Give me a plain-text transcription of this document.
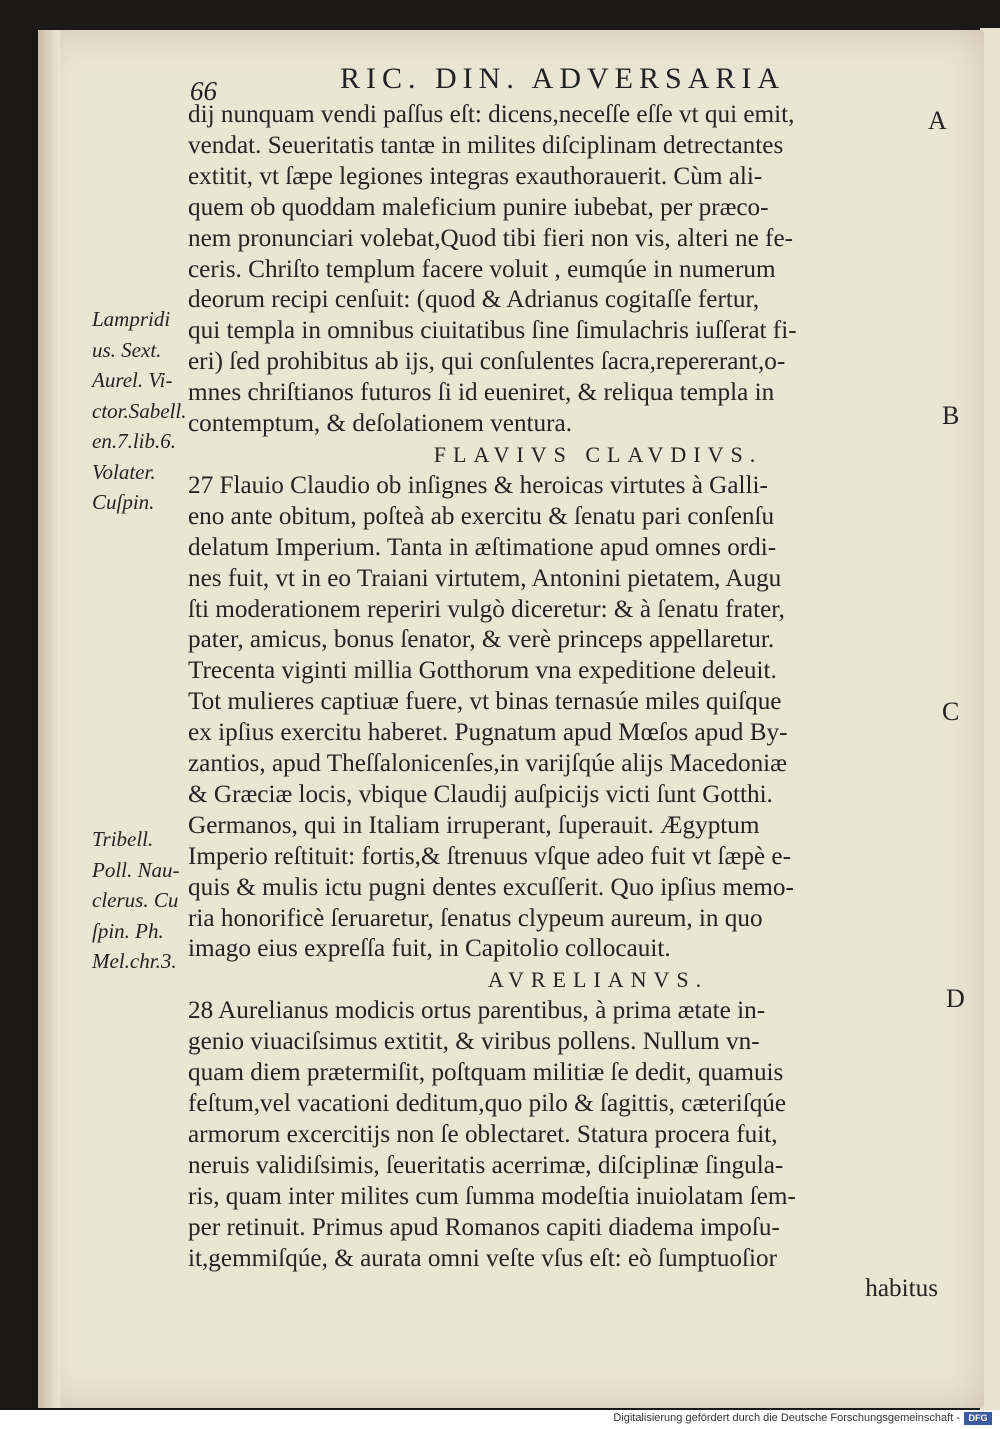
66	RIC. DIN. ADVERSARIA
dij nunquam vendi paſſus eſt: dicens,neceſſe eſſe vt qui emit,
vendat. Seueritatis tantæ in milites diſciplinam detrectantes
extitit, vt ſæpe legiones integras exauthorauerit. Cùm ali-
quem ob quoddam maleficium punire iubebat, per præco-
nem pronunciari volebat,Quod tibi fieri non vis, alteri ne fe-
ceris. Chriſto templum facere voluit , eumqúe in numerum
deorum recipi cenſuit: (quod & Adrianus cogitaſſe fertur,
qui templa in omnibus ciuitatibus ſine ſimulachris iuſſerat fi-
eri) ſed prohibitus ab ijs, qui conſulentes ſacra,repererant,o-
mnes chriſtianos futuros ſi id eueniret, & reliqua templa in
contemptum, & deſolationem ventura.
FLAVIVS CLAVDIVS.
27 Flauio Claudio ob inſignes & heroicas virtutes à Galli-
eno ante obitum, poſteà ab exercitu & ſenatu pari conſenſu
delatum Imperium. Tanta in æſtimatione apud omnes ordi-
nes fuit, vt in eo Traiani virtutem, Antonini pietatem, Augu
ſti moderationem reperiri vulgò diceretur: & à ſenatu frater,
pater, amicus, bonus ſenator, & verè princeps appellaretur.
Trecenta viginti millia Gotthorum vna expeditione deleuit.
Tot mulieres captiuæ fuere, vt binas ternasúe miles quiſque
ex ipſius exercitu haberet. Pugnatum apud Mœſos apud By-
zantios, apud Theſſalonicenſes,in varijſqúe alijs Macedoniæ
& Græciæ locis, vbique Claudij auſpicijs victi ſunt Gotthi.
Germanos, qui in Italiam irruperant, ſuperauit. Ægyptum
Imperio reſtituit: fortis,& ſtrenuus vſque adeo fuit vt ſæpè e-
quis & mulis ictu pugni dentes excuſſerit. Quo ipſius memo-
ria honorificè ſeruaretur, ſenatus clypeum aureum, in quo
imago eius expreſſa fuit, in Capitolio collocauit.
AVRELIANVS.
28 Aurelianus modicis ortus parentibus, à prima ætate in-
genio viuaciſsimus extitit, & viribus pollens. Nullum vn-
quam diem prætermiſit, poſtquam militiæ ſe dedit, quamuis
feſtum,vel vacationi deditum,quo pilo & ſagittis, cæteriſqúe
armorum excercitijs non ſe oblectaret. Statura procera fuit,
neruis validiſsimis, ſeueritatis acerrimæ, diſciplinæ ſingula-
ris, quam inter milites cum ſumma modeſtia inuiolatam ſem-
per retinuit. Primus apud Romanos capiti diadema impoſu-
it,gemmiſqúe, & aurata omni veſte vſus eſt: eò ſumptuoſior
habitus
Lampridi
us. Sext.
Aurel. Vi-
ctor.Sabell.
en.7.lib.6.
Volater.
Cuſpin.
Tribell.
Poll. Nau-
clerus. Cu
ſpin. Ph.
Mel.chr.3.
A
B
C
D
Digitalisierung gefördert durch die Deutsche Forschungsgemeinschaft - DFG
